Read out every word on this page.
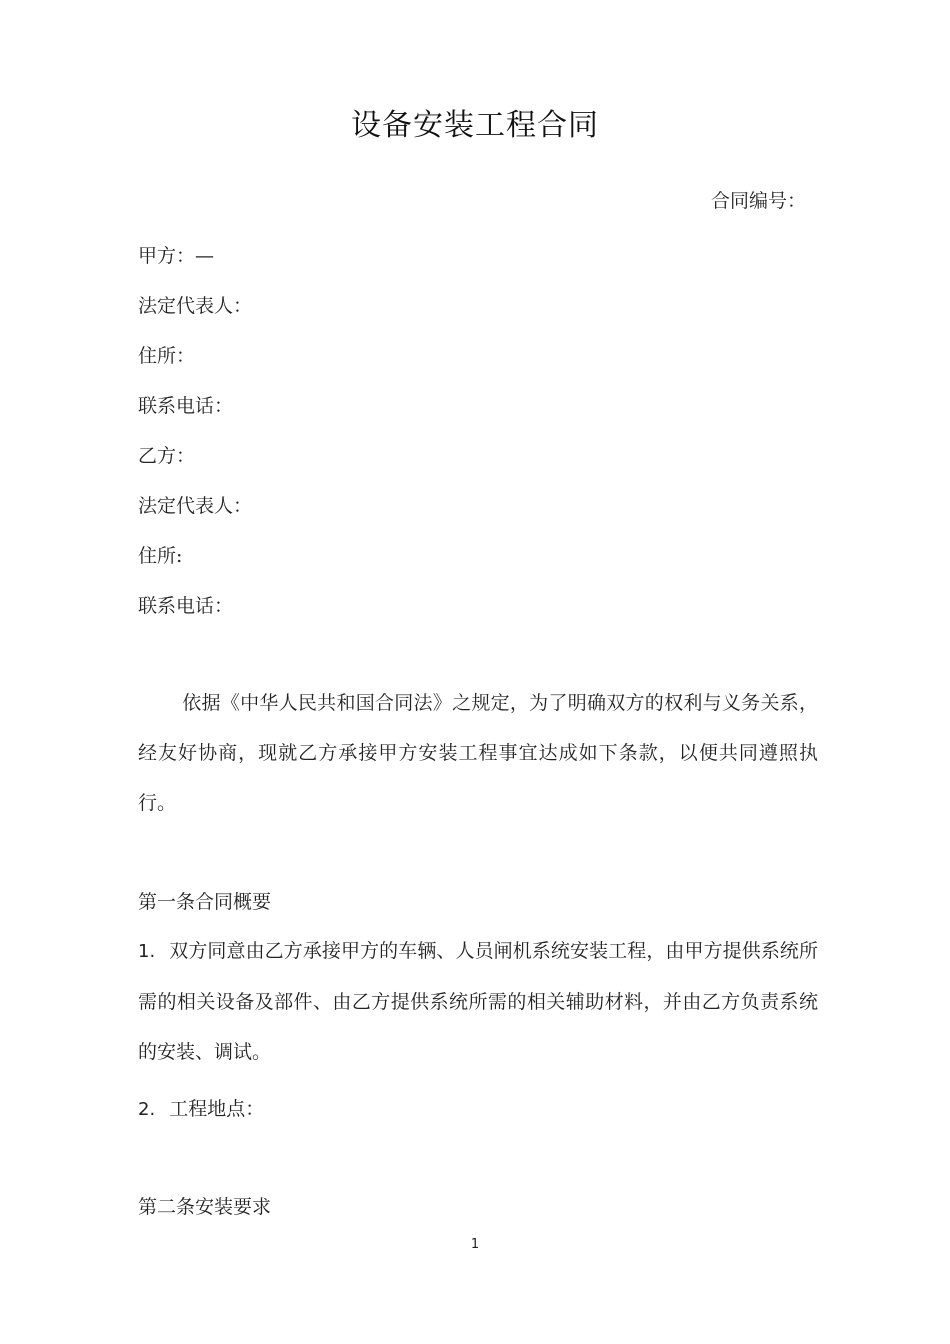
设备安装工程合同
合同编号：
甲方：—
法定代表人：
住所：
联系电话：
乙方：
法定代表人：
住所:
联系电话：
依据《中华人民共和国合同法》之规定，为了明确双方的权利与义务关系，经友好协商，现就乙方承接甲方安装工程事宜达成如下条款，以便共同遵照执行。
第一条合同概要
1. 双方同意由乙方承接甲方的车辆、人员闸机系统安装工程，由甲方提供系统所需的相关设备及部件、由乙方提供系统所需的相关辅助材料，并由乙方负责系统的安装、调试。
2. 工程地点：
第二条安装要求
1
